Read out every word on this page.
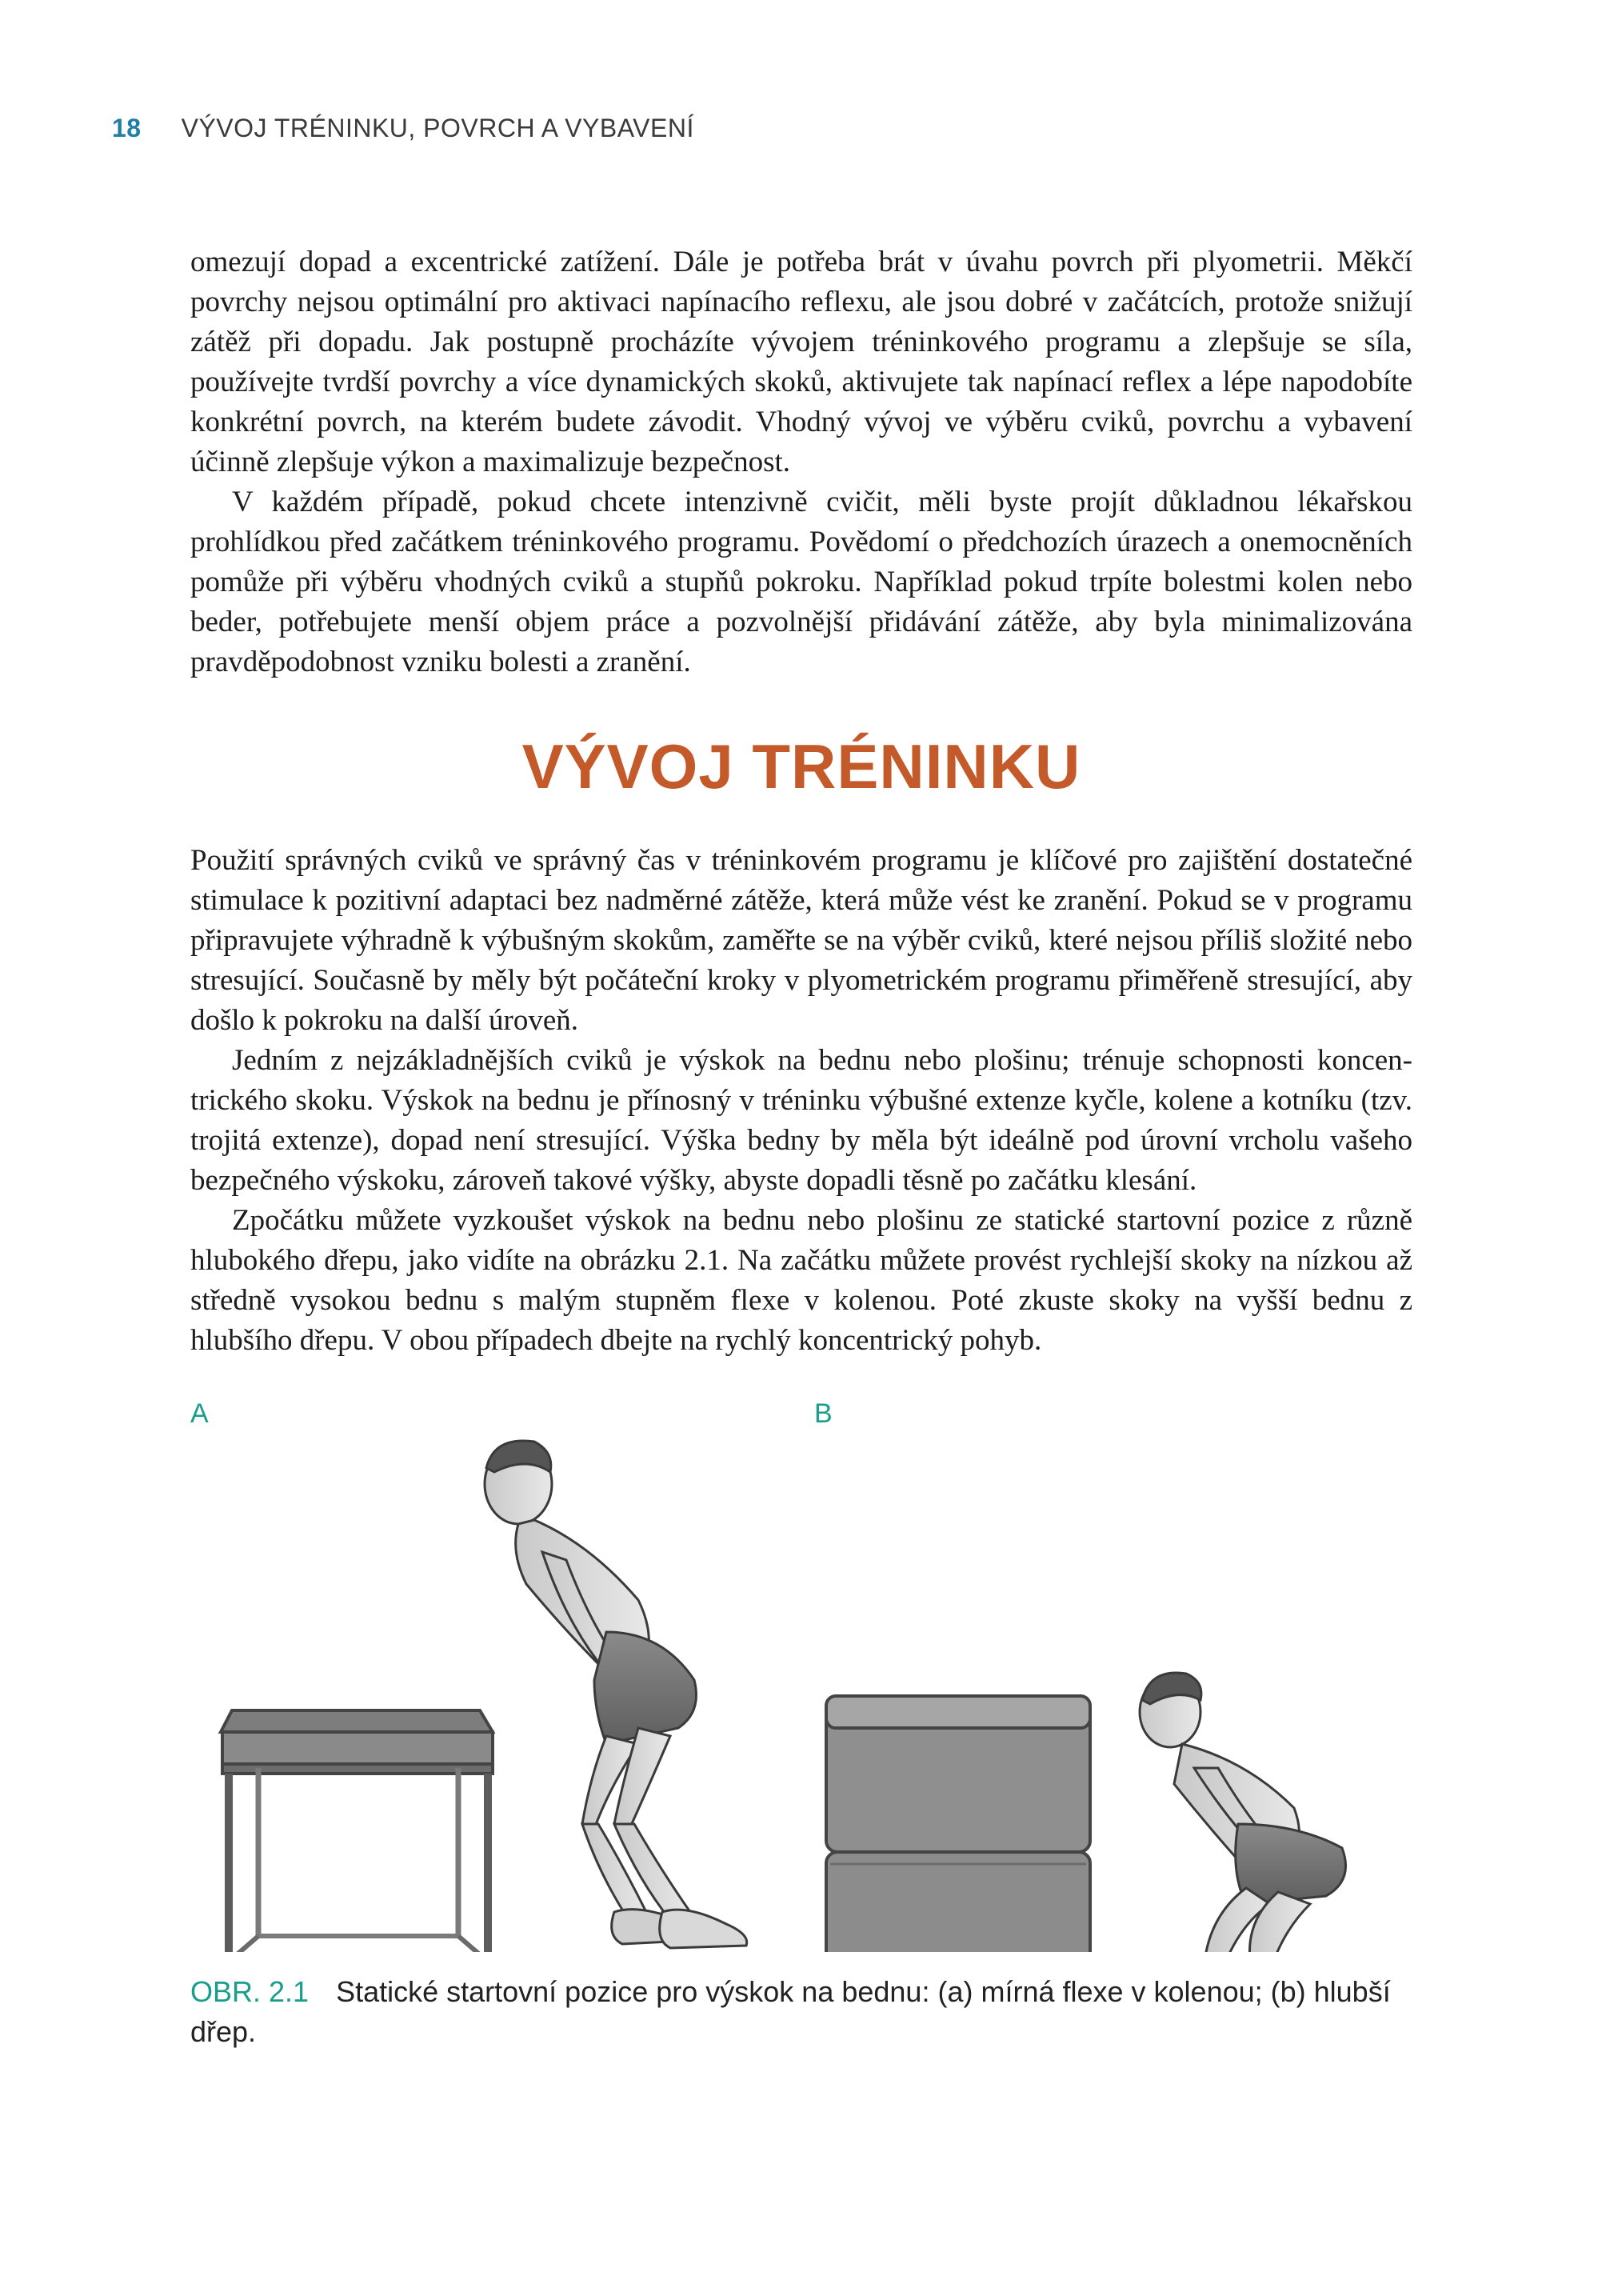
18 VÝVOJ TRÉNINKU, POVRCH A VYBAVENÍ

omezují dopad a excentrické zatížení. Dále je potřeba brát v úvahu povrch při plyometrii. Měkčí povrchy nejsou optimální pro aktivaci napínacího reflexu, ale jsou dobré v začátcích, protože snižují zátěž při dopadu. Jak postupně procházíte vývojem tréninkového programu a zlepšuje se síla, používejte tvrdší povrchy a více dynamických skoků, aktivujete tak napínací reflex a lépe napodobíte konkrétní povrch, na kterém budete závodit. Vhodný vývoj ve výběru cviků, povrchu a vybavení účinně zlepšuje výkon a maximalizuje bezpečnost.

V každém případě, pokud chcete intenzivně cvičit, měli byste projít důkladnou lékařskou prohlídkou před začátkem tréninkového programu. Povědomí o předchozích úrazech a onemocněních pomůže při výběru vhodných cviků a stupňů pokroku. Například pokud trpíte bolestmi kolen nebo beder, potřebujete menší objem práce a pozvolnější přidávání zátěže, aby byla minimalizována pravděpodobnost vzniku bolesti a zranění.

VÝVOJ TRÉNINKU

Použití správných cviků ve správný čas v tréninkovém programu je klíčové pro zajištění dostatečné stimulace k pozitivní adaptaci bez nadměrné zátěže, která může vést ke zranění. Pokud se v programu připravujete výhradně k výbušným skokům, zaměřte se na výběr cviků, které nejsou příliš složité nebo stresující. Současně by měly být počáteční kroky v plyometrickém programu přiměřeně stresující, aby došlo k pokroku na další úroveň.

Jedním z nejzákladnějších cviků je výskok na bednu nebo plošinu; trénuje schopnosti koncentrického skoku. Výskok na bednu je přínosný v tréninku výbušné extenze kyčle, kolene a kotníku (tzv. trojitá extenze), dopad není stresující. Výška bedny by měla být ideálně pod úrovní vrcholu vašeho bezpečného výskoku, zároveň takové výšky, abyste dopadli těsně po začátku klesání.

Zpočátku můžete vyzkoušet výskok na bednu nebo plošinu ze statické startovní pozice z různě hlubokého dřepu, jako vidíte na obrázku 2.1. Na začátku můžete provést rychlejší skoky na nízkou až středně vysokou bednu s malým stupněm flexe v kolenou. Poté zkuste skoky na vyšší bednu z hlubšího dřepu. V obou případech dbejte na rychlý koncentrický pohyb.

A	B
OBR. 2.1 Statické startovní pozice pro výskok na bednu: (a) mírná flexe v kolenou; (b) hlubší dřep.
